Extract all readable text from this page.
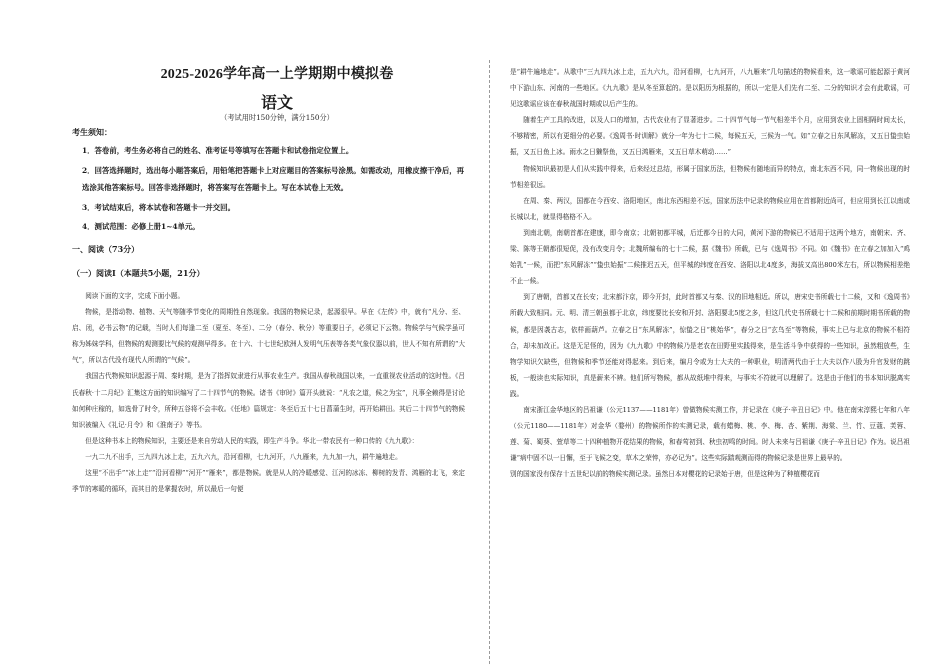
2025-2026学年高一上学期期中模拟卷
语文
（考试用时150分钟，满分150分）
考生须知：
1．答卷前，考生务必将自己的姓名、准考证号等填写在答题卡和试卷指定位置上。
2．回答选择题时，选出每小题答案后，用铅笔把答题卡上对应题目的答案标号涂黑。如需改动，用橡皮擦干净后，再选涂其他答案标号。回答非选择题时，将答案写在答题卡上。写在本试卷上无效。
3．考试结束后，将本试卷和答题卡一并交回。
4．测试范围：必修上册1~4单元。
一、阅读（73分）
（一）阅读Ⅰ（本题共5小题，21分）

阅读下面的文字，完成下面小题。

物候，是指动物、植物、天气等随季节变化的周期性自然现象。我国的物候记录，起源很早。早在《左传》中，就有“凡分、至、启、闭，必书云物”的记载，当时人们每逢二至（夏至、冬至）、二分（春分、秋分）等重要日子，必须记下云物。物候学与气候学虽可称为姊妹学科，但物候的观测要比气候的观测早得多。在十六、十七世纪欧洲人发明气压表等各类气象仪器以前，世人不知有所谓的“大气”，所以古代没有现代人所谓的“气候”。

我国古代物候知识起源于周、秦时期，是为了指挥奴隶进行从事农业生产。我国从春秋战国以来，一直重视农业活动的这时性。《吕氏春秋·十二月纪》汇集这方面的知识编写了二十四节气的物候。诸书《审时》篇开头就说：“凡农之道，候之为宝”，凡事全赖得是讨论如何种庄稼的，如选骨了时令，所种五谷将不会丰收。《任地》篇规定：冬至后五十七日菖蒲生时，再开始耕田。其后二十四节气的物候知识被编入《礼记·月令》和《淮南子》等书。

但是这种书本上的物候知识，主要还是来自劳动人民的实践，即生产斗争。华北一带农民有一种口传的《九九歌》：

一九二九不出手，三九四九冰上走，五九六九，沿河看柳，七九河开，八九雁来，九九加一九，耕牛遍地走。

这里“不出手”“冰上走”“沿河看柳”“河开”“雁来”，都是物候。就是从人的冷暖感觉、江河的冰冻、柳树的发青、鸿雁的北飞，来定季节的寒暖的循环，而其目的是掌握农时，所以最后一句便

是“耕牛遍地走”。从歌中“三九四九冰上走，五九六九，沿河看柳，七九河开，八九雁来”几句描述的物候看来，这一歌谣可能起源于黄河中下游山东、河南的一些地区。《九九歌》是从冬至算起的。是以阳历为根据的，所以一定是人们先有二至、二分的知识才会有此歌谣，可见这歌谣应该在春秋战国时期或以后产生的。

随着生产工具的改进，以及人口的增加，古代农业有了显著进步。二十四节气每一节气相差半个月，应用到农业上固相隔时间太长，不够精密，所以有更细分的必要。《逸周书·时训解》就分一年为七十二候，每候五天，三候为一气。如“立春之日东风解冻，又五日蛰虫始振，又五日鱼上冰。雨水之日獭祭鱼，又五日鸿雁来，又五日草木萌动……”

物候知识最初是人们从实践中得来，后来经过总结，形属于国家历法，但物候有随地而异的特点，南北东西不同，同一物候出现的时节相差很远。

在周、秦、两汉，国都在今西安、洛阳地区，南北东西相差不远，国家历法中记录的物候应用在首都附近尚可，但应用到长江以南或长城以北，就显得格格不入。

到南北朝，南朝首都在建康，即今南京；北朝初都平城，后迁都今日的大同，黄河下游的物候已不适用于这两个地方，南朝宋、齐、梁、陈等王朝都很短促，没有改变月令；北魏所编布的七十二候，据《魏书》所载，已与《逸周书》不同。如《魏书》在立春之加加入“鸡始乳”一候，而把“东风解冻”“蛰虫始振”二候推迟五天，但平城的纬度在西安、洛阳以北4度多，海拔又高出800米左右，所以物候相差绝不止一候。

到了唐朝，首都又在长安；北宋都汴京，即今开封，此时首都又与秦、汉的旧地相近。所以，唐宋史书所载七十二候，又和《逸周书》所载大致相同。元、明、清三朝虽都于北京，纬度要比长安和开封、洛阳要北5度之多，但这几代史书所载七十二候和前期时期书所载的物候，都是因袭古志，依样画葫芦。立春之日“东风解冻”，惊蛰之日“桃始华”，春分之日“玄鸟至”等物候，事实上已与北京的物候不相符合，却未加改正。这是无足怪的，因为《九九歌》中的物候乃是老农在田野里实践得来，是生活斗争中获得的一些知识，虽然粗放些，生物学知识欠缺些，但物候和季节还能对得起来。到后来，编月令或为士大夫的一种职业，明清两代由于士大夫以作八股为升官发财的跳板，一般读也实际知识，真是薪来不辨。他们所写物候，都从故纸堆中得来，与事实不符就可以理解了。这是由于他们的书本知识脱离实践。

南宋浙江金华地区的吕祖谦（公元1137——1181年）曾做物候实测工作，并记录在《庚子·辛丑日记》中。他在南宋淳熙七年和八年（公元1180——1181年）对金华（婺州）的物候所作的实测记录，载有蜡梅、桃、李、梅、杏、紫荆、海棠、兰、竹、豆蔻、芙蓉、莲、菊、蜀葵、萱草等二十四种植物开花结果的物候，和春莺初到、秋虫初鸣的时间。时人未来与吕祖谦《庚子·辛丑日记》作为。说吕祖谦“病中固不以一日懈，至于飞候之变，草木之荣悴，亦必记为”。这些实际踏观测而得的物候记录是世界上最早的。

别的国家没有保存十五世纪以前的物候实测记录。虽然日本对樱花的记录始于唐，但是这种为了种植樱花而
